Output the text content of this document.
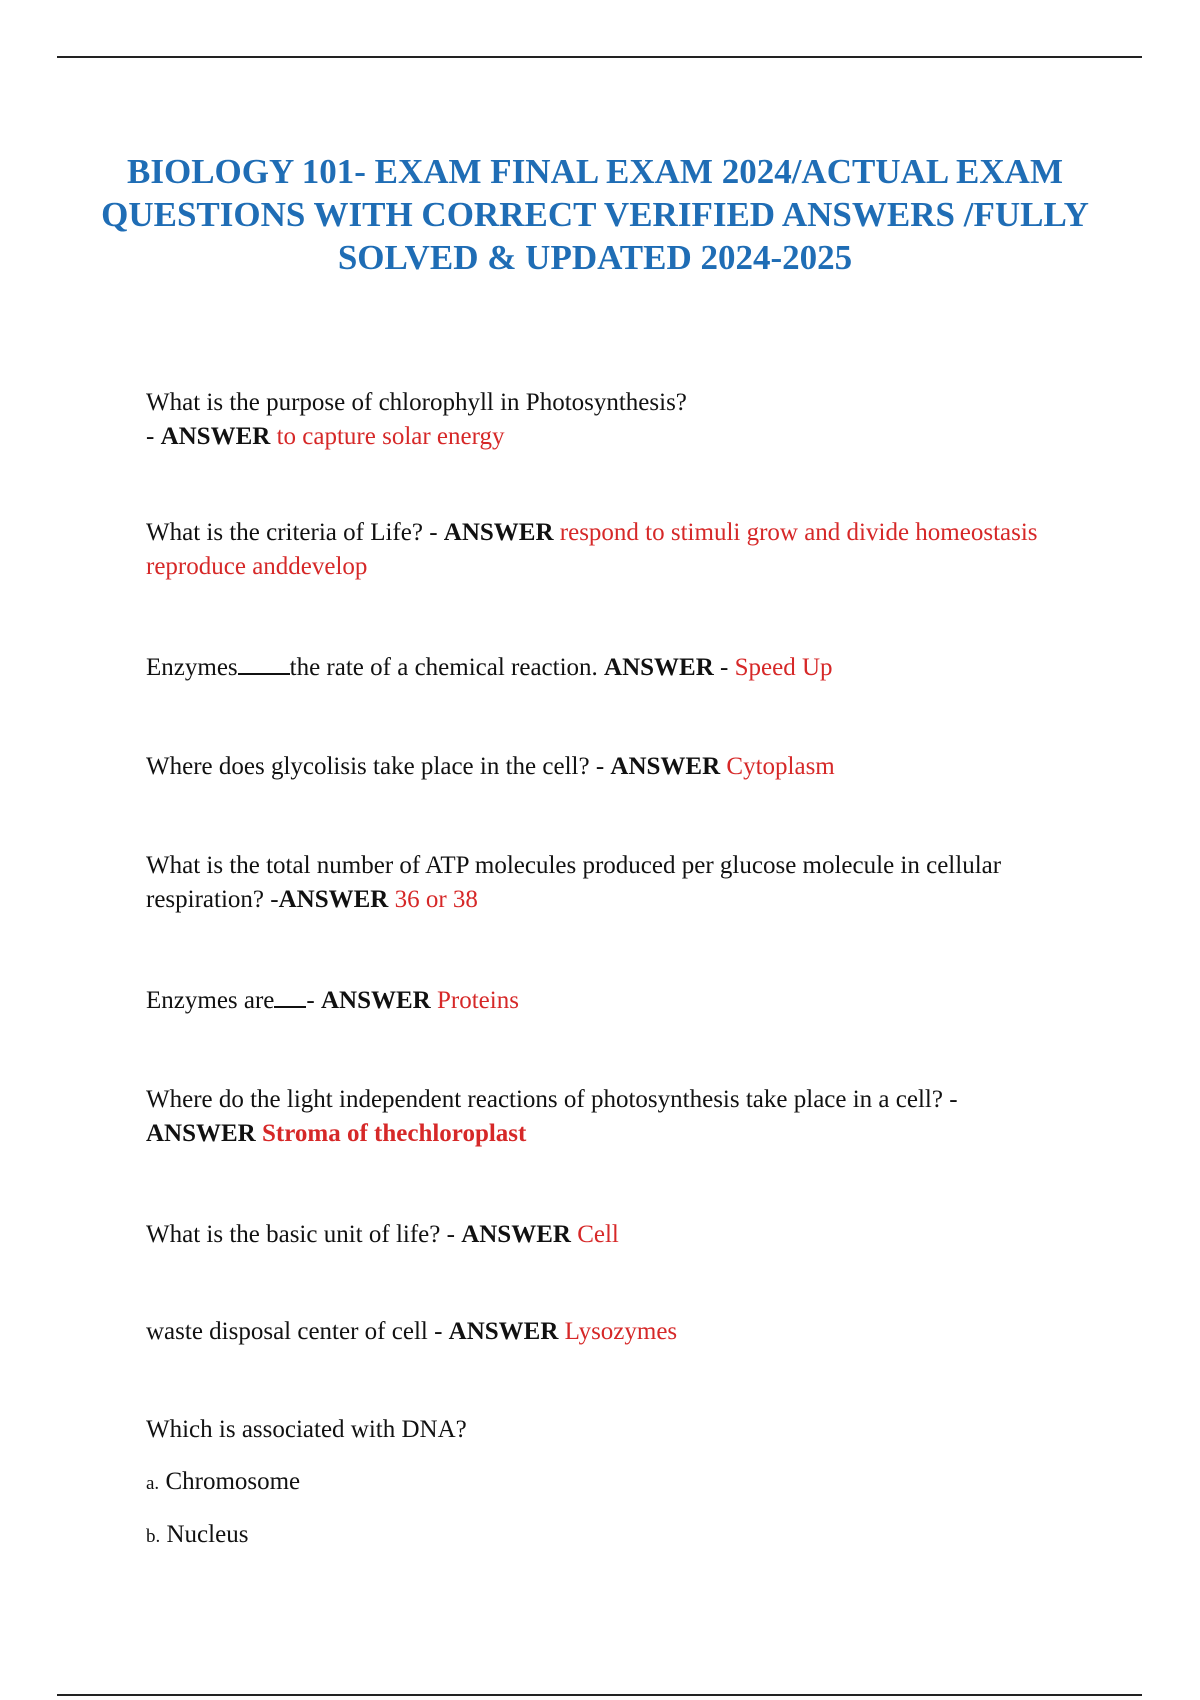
BIOLOGY 101- EXAM FINAL EXAM 2024/ACTUAL EXAM QUESTIONS WITH CORRECT VERIFIED ANSWERS /FULLY SOLVED & UPDATED 2024-2025
What is the purpose of chlorophyll in Photosynthesis?
- ANSWER to capture solar energy
What is the criteria of Life? - ANSWER respond to stimuli grow and divide homeostasis reproduce anddevelop
Enzymes the rate of a chemical reaction. ANSWER - Speed Up
Where does glycolisis take place in the cell? - ANSWER Cytoplasm
What is the total number of ATP molecules produced per glucose molecule in cellular respiration? -ANSWER 36 or 38
Enzymes are - ANSWER Proteins
Where do the light independent reactions of photosynthesis take place in a cell? -
ANSWER Stroma of thechloroplast
What is the basic unit of life? - ANSWER Cell
waste disposal center of cell - ANSWER Lysozymes
Which is associated with DNA?
a. Chromosome
b. Nucleus
